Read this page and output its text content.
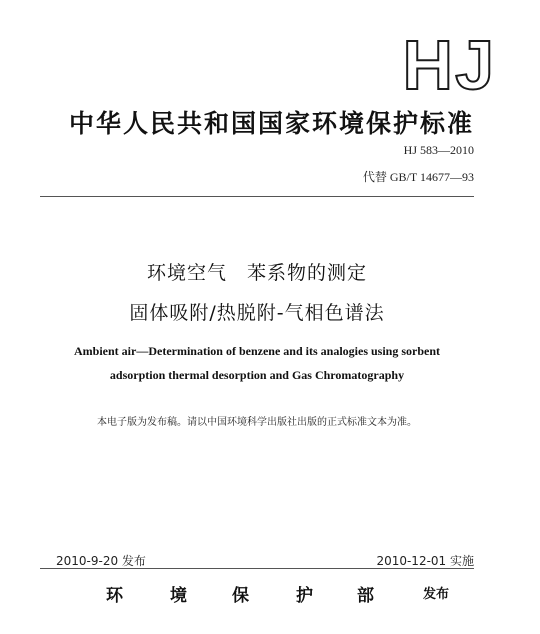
HJ
中华人民共和国国家环境保护标准
HJ 583—2010
代替 GB/T 14677—93
环境空气　苯系物的测定
固体吸附/热脱附-气相色谱法
Ambient air—Determination of benzene and its analogies using sorbent
adsorption thermal desorption and Gas Chromatography
本电子版为发布稿。请以中国环境科学出版社出版的正式标准文本为准。
2010-9-20 发布	2010-12-01 实施
环	境	保	护	部	发布
